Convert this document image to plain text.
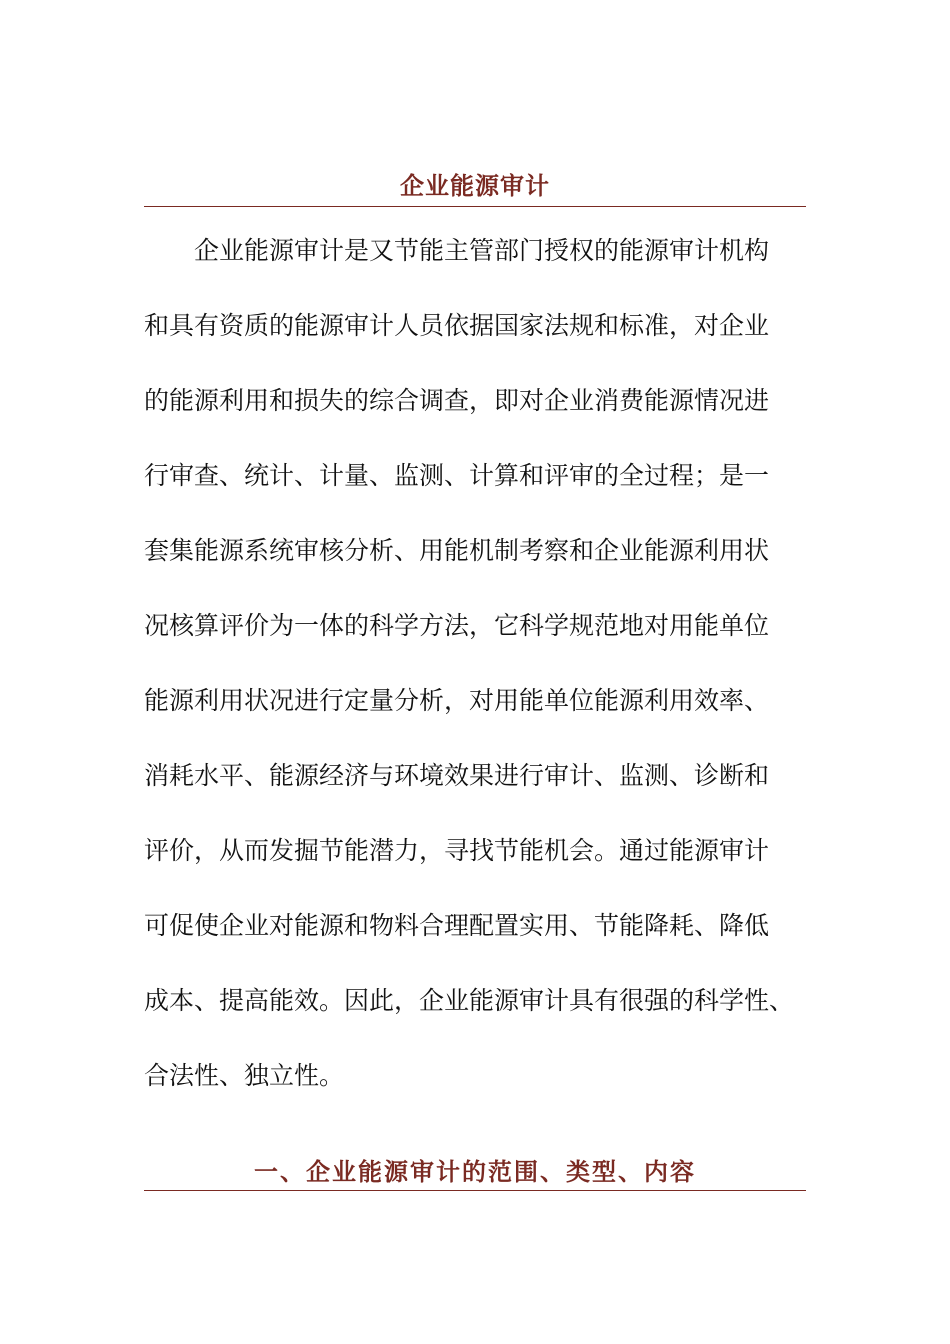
企业能源审计
企业能源审计是又节能主管部门授权的能源审计机构
和具有资质的能源审计人员依据国家法规和标准，对企业
的能源利用和损失的综合调查，即对企业消费能源情况进
行审查、统计、计量、监测、计算和评审的全过程；是一
套集能源系统审核分析、用能机制考察和企业能源利用状
况核算评价为一体的科学方法，它科学规范地对用能单位
能源利用状况进行定量分析，对用能单位能源利用效率、
消耗水平、能源经济与环境效果进行审计、监测、诊断和
评价，从而发掘节能潜力，寻找节能机会。通过能源审计
可促使企业对能源和物料合理配置实用、节能降耗、降低
成本、提高能效。因此，企业能源审计具有很强的科学性、
合法性、独立性。
一、企业能源审计的范围、类型、内容
